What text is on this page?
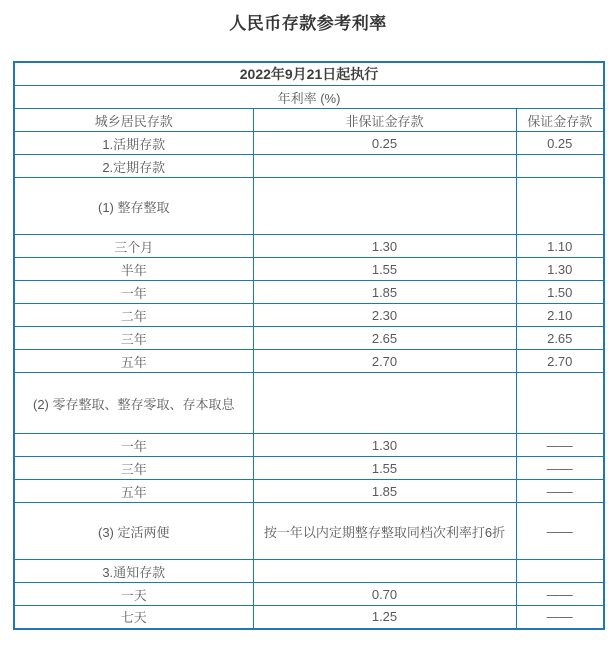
人民币存款参考利率
2022年9月21日起执行		
年利率 (%)		
城乡居民存款	非保证金存款	保证金存款
1.活期存款	0.25	0.25
2.定期存款		
(1) 整存整取		
三个月	1.30	1.10
半年	1.55	1.30
一年	1.85	1.50
二年	2.30	2.10
三年	2.65	2.65
五年	2.70	2.70
(2) 零存整取、整存零取、存本取息		
一年	1.30	——
三年	1.55	——
五年	1.85	——
(3) 定活两便	按一年以内定期整存整取同档次利率打6折	——
3.通知存款		
一天	0.70	——
七天	1.25	——
